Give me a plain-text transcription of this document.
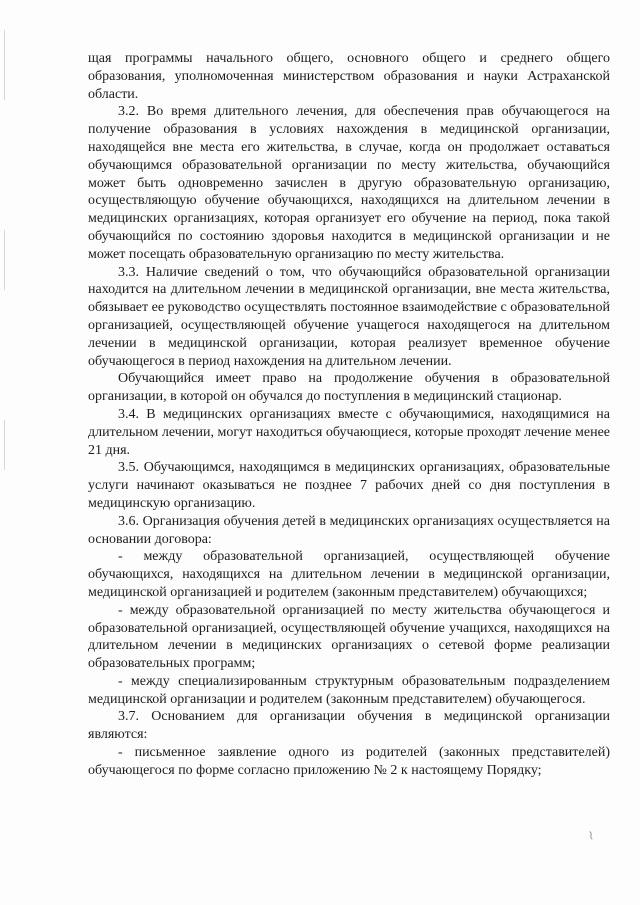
щая программы начального общего, основного общего и среднего общего образования, уполномоченная министерством образования и науки Астраханской области.

3.2. Во время длительного лечения, для обеспечения прав обучающегося на получение образования в условиях нахождения в медицинской организации, находящейся вне места его жительства, в случае, когда он продолжает оставаться обучающимся образовательной организации по месту жительства, обучающийся может быть одновременно зачислен в другую образовательную организацию, осуществляющую обучение обучающихся, находящихся на длительном лечении в медицинских организациях, которая организует его обучение на период, пока такой обучающийся по состоянию здоровья находится в медицинской организации и не может посещать образовательную организацию по месту жительства.

3.3. Наличие сведений о том, что обучающийся образовательной организации находится на длительном лечении в медицинской организации, вне места жительства, обязывает ее руководство осуществлять постоянное взаимодействие с образовательной организацией, осуществляющей обучение учащегося находящегося на длительном лечении в медицинской организации, которая реализует временное обучение обучающегося в период нахождения на длительном лечении.

Обучающийся имеет право на продолжение обучения в образовательной организации, в которой он обучался до поступления в медицинский стационар.

3.4. В медицинских организациях вместе с обучающимися, находящимися на длительном лечении, могут находиться обучающиеся, которые проходят лечение менее 21 дня.

3.5. Обучающимся, находящимся в медицинских организациях, образовательные услуги начинают оказываться не позднее 7 рабочих дней со дня поступления в медицинскую организацию.

3.6. Организация обучения детей в медицинских организациях осуществляется на основании договора:

- между образовательной организацией, осуществляющей обучение обучающихся, находящихся на длительном лечении в медицинской организации, медицинской организацией и родителем (законным представителем) обучающихся;

- между образовательной организацией по месту жительства обучающегося и образовательной организацией, осуществляющей обучение учащихся, находящихся на длительном лечении в медицинских организациях о сетевой форме реализации образовательных программ;

- между специализированным структурным образовательным подразделением медицинской организации и родителем (законным представителем) обучающегося.

3.7. Основанием для организации обучения в медицинской организации являются:

- письменное заявление одного из родителей (законных представителей) обучающегося по форме согласно приложению № 2 к настоящему Порядку;

~
